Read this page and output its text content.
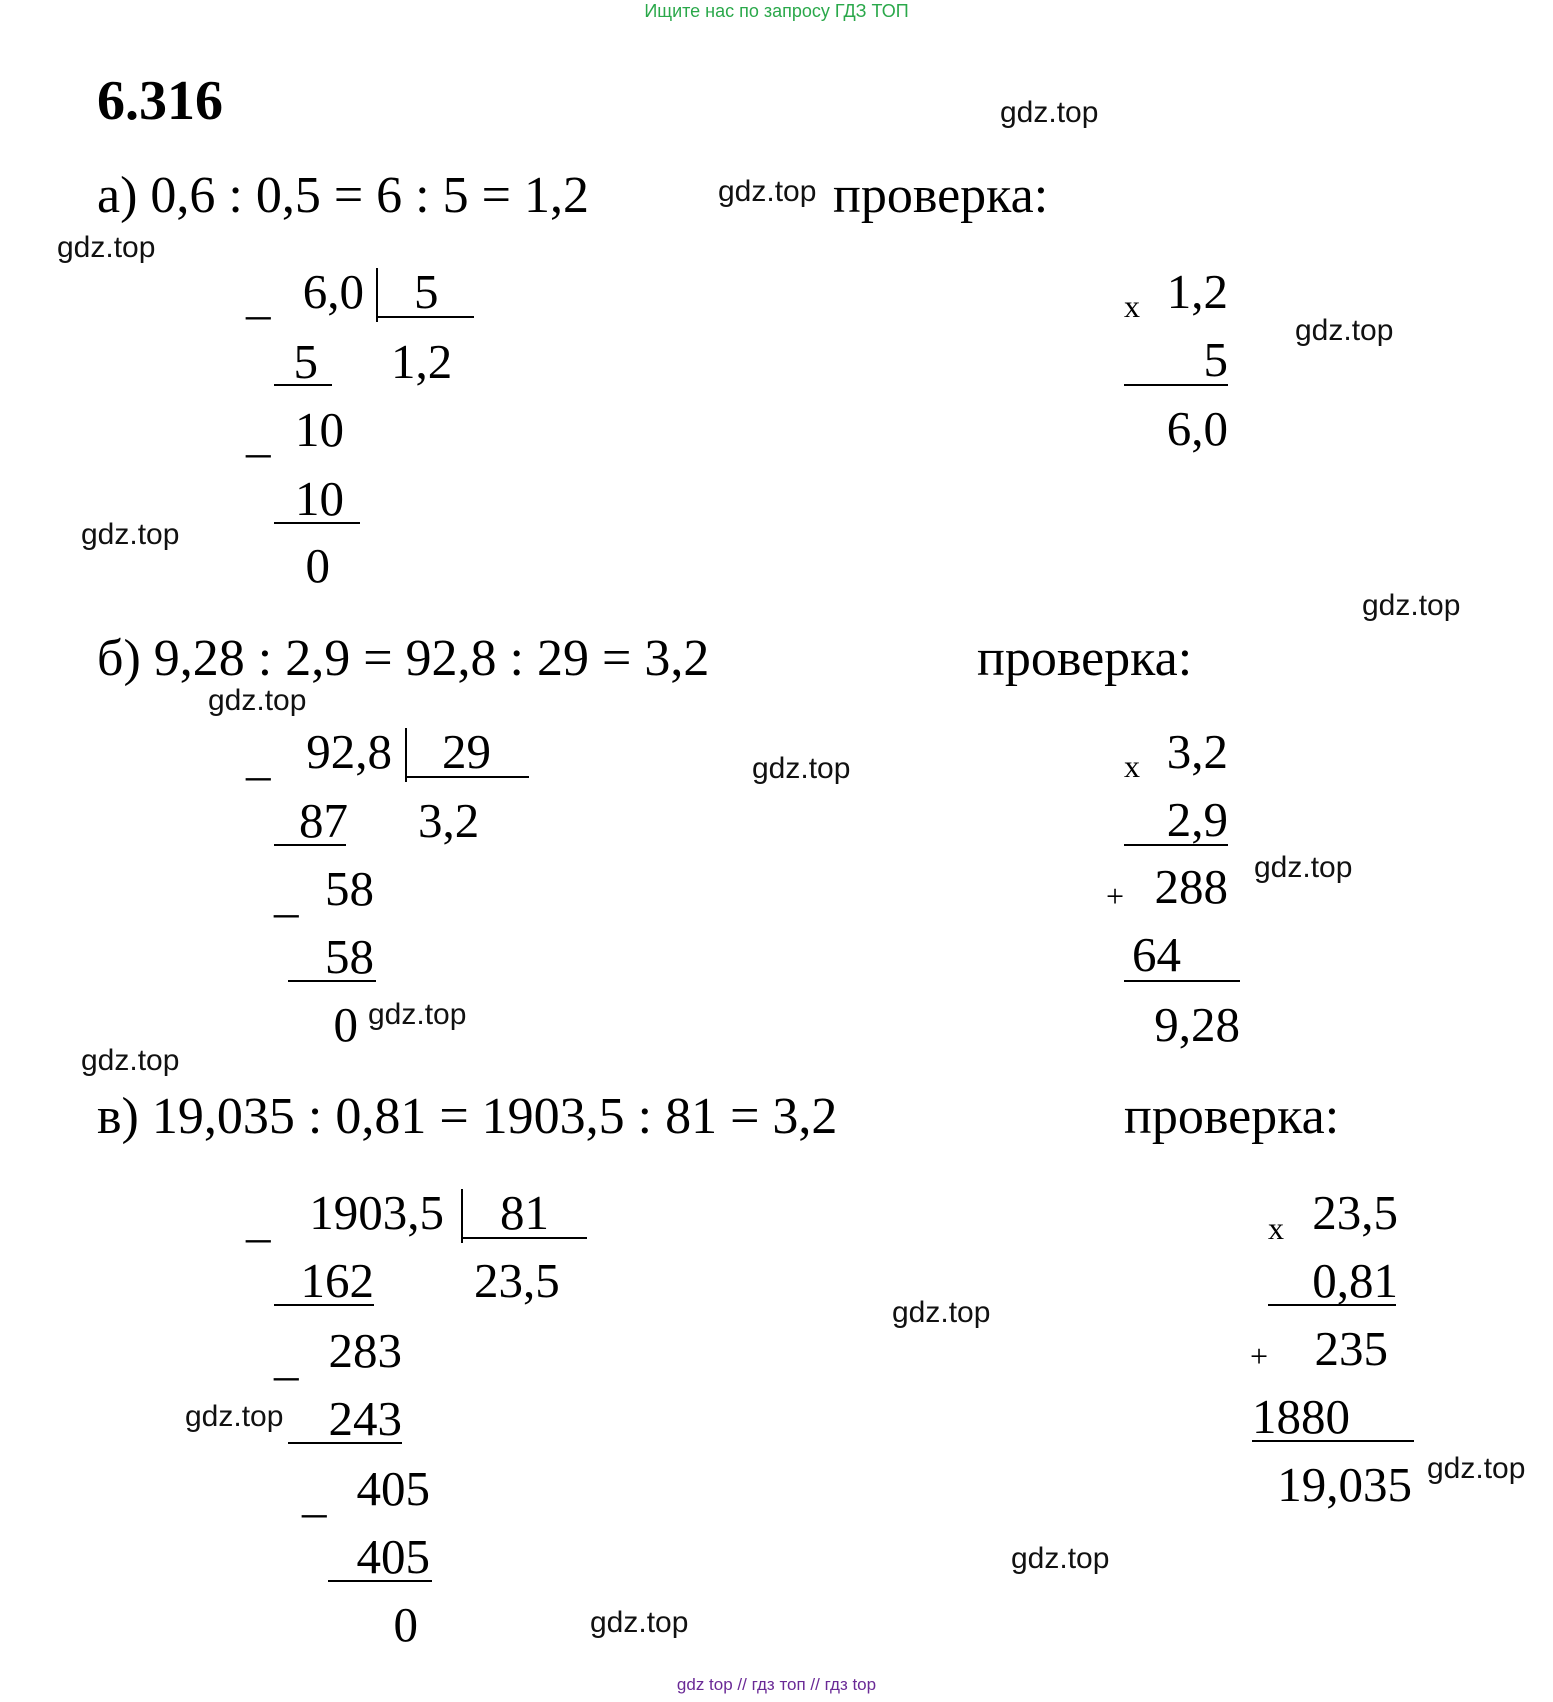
Ищите нас по запросу ГДЗ ТОП
6.316	gdz.top
gdz.top
gdz.top
gdz.top
gdz.top
gdz.top
gdz.top
gdz.top
gdz.top
gdz.top
gdz.top
gdz.top
gdz.top
gdz.top
gdz.top
gdz.top
а) 0,6 : 0,5 = 6 : 5 = 1,2	проверка:
_ 6,0 5
1,2
5
_ 10
10
0
х 1,2
5
6,0
б) 9,28 : 2,9 = 92,8 : 29 = 3,2	проверка:
_ 92,8 29
3,2
87
_ 58
58
0
х 3,2
2,9
+ 288
64
9,28
в) 19,035 : 0,81 = 1903,5 : 81 = 3,2	проверка:
_ 1903,5 81
23,5
162
_ 283
243
_ 405
405
0
х 23,5
0,81
+ 235
1880
19,035
gdz top // гдз топ // гдз top
